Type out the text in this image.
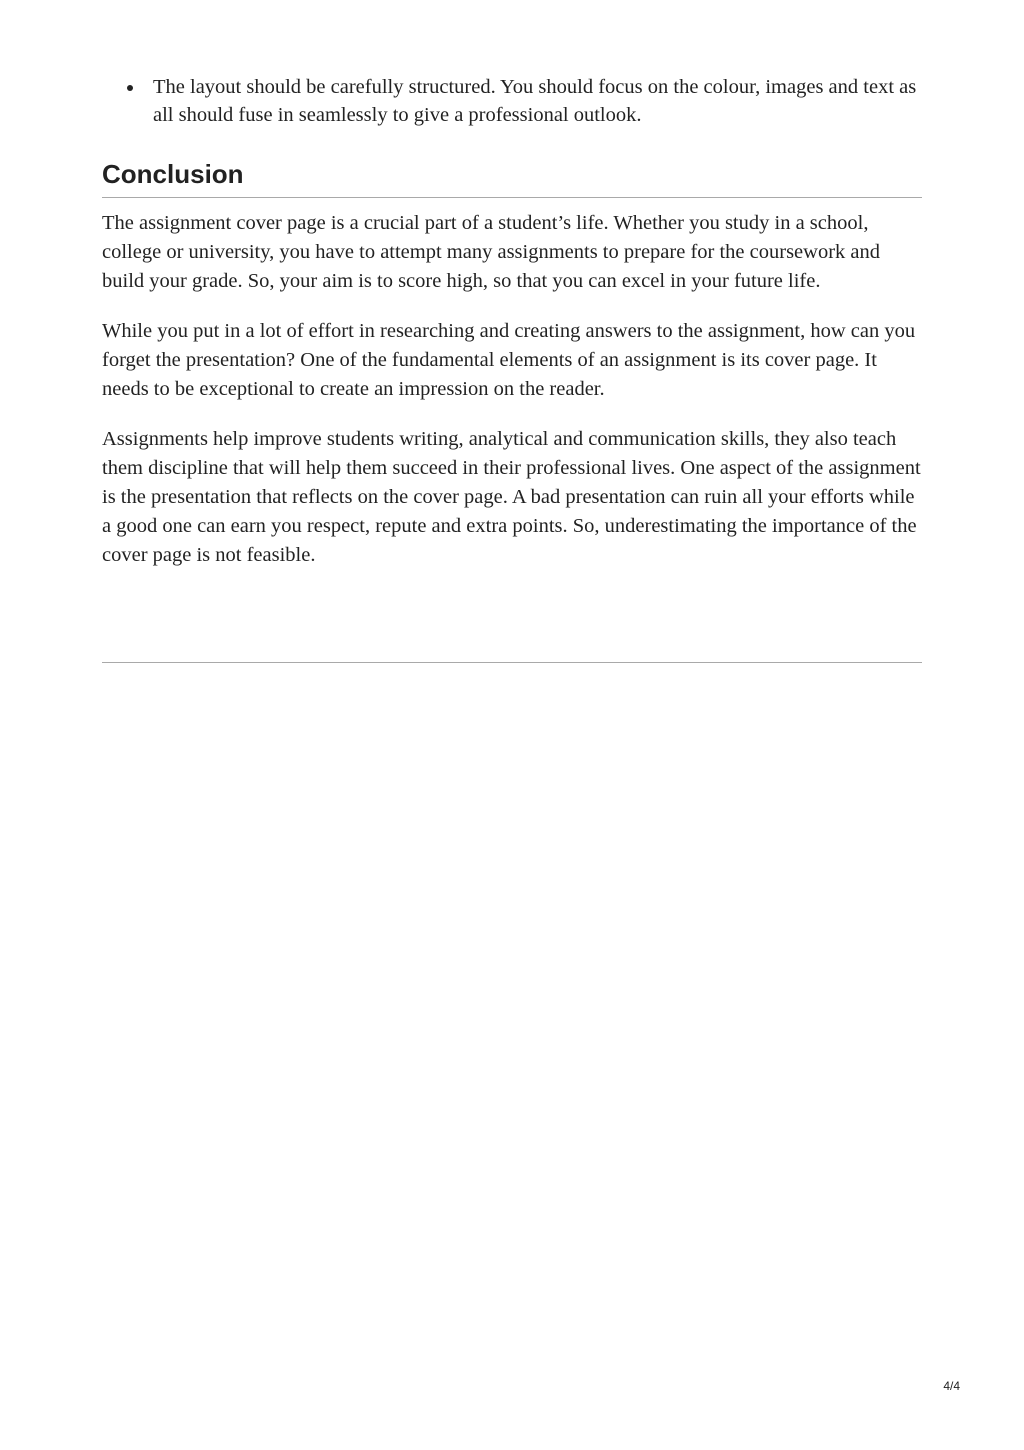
The layout should be carefully structured. You should focus on the colour, images and text as all should fuse in seamlessly to give a professional outlook.
Conclusion

The assignment cover page is a crucial part of a student’s life. Whether you study in a school, college or university, you have to attempt many assignments to prepare for the coursework and build your grade. So, your aim is to score high, so that you can excel in your future life.

While you put in a lot of effort in researching and creating answers to the assignment, how can you forget the presentation? One of the fundamental elements of an assignment is its cover page. It needs to be exceptional to create an impression on the reader.

Assignments help improve students writing, analytical and communication skills, they also teach them discipline that will help them succeed in their professional lives. One aspect of the assignment is the presentation that reflects on the cover page. A bad presentation can ruin all your efforts while a good one can earn you respect, repute and extra points. So, underestimating the importance of the cover page is not feasible.

4/4
